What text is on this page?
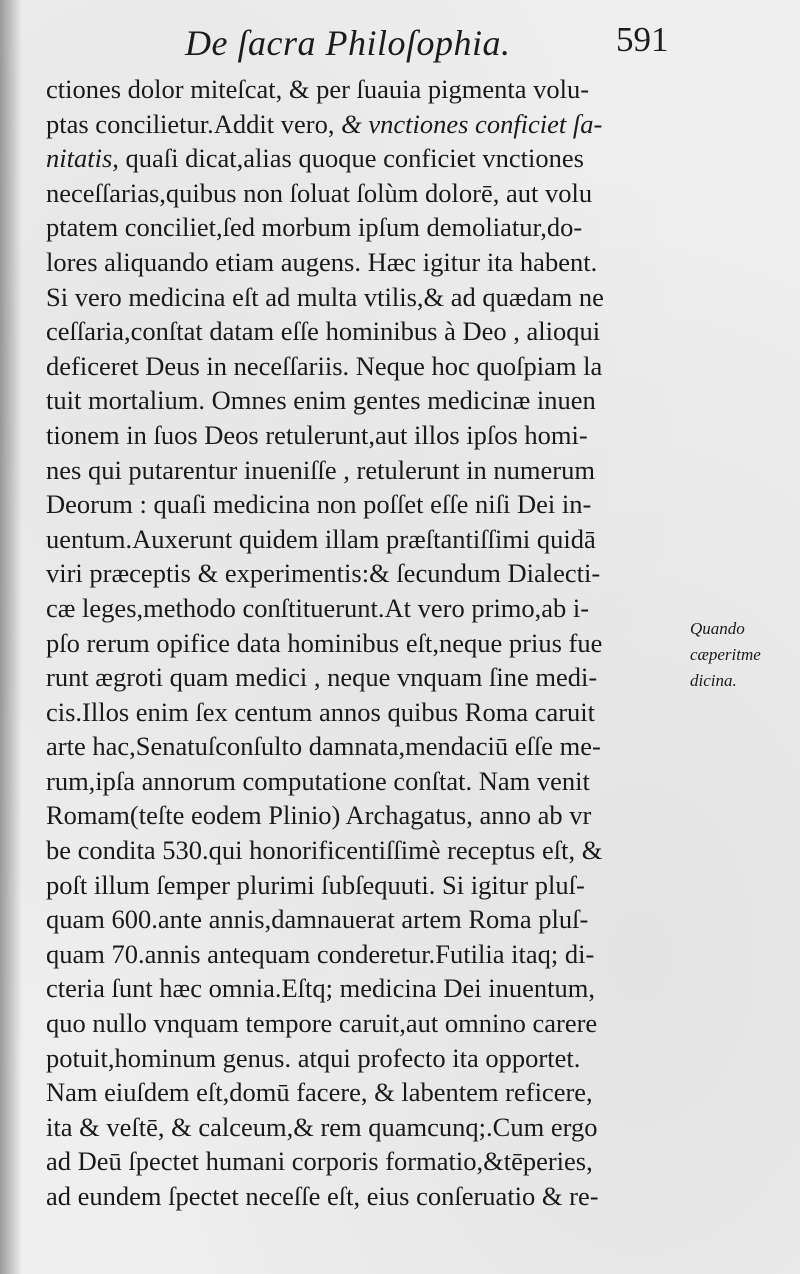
De ſacra Philoſophia.	591
ctiones dolor miteſcat, & per ſuauia pigmenta volu-
ptas concilietur.Addit vero, & vnctiones conficiet ſa-
nitatis, quaſi dicat,alias quoque conficiet vnctiones
neceſſarias,quibus non ſoluat ſolùm dolorē, aut volu
ptatem conciliet,ſed morbum ipſum demoliatur,do-
lores aliquando etiam augens. Hæc igitur ita habent.
Si vero medicina eſt ad multa vtilis,& ad quædam ne
ceſſaria,conſtat datam eſſe hominibus à Deo , alioqui
deficeret Deus in neceſſariis. Neque hoc quoſpiam la
tuit mortalium. Omnes enim gentes medicinæ inuen
tionem in ſuos Deos retulerunt,aut illos ipſos homi-
nes qui putarentur inueniſſe , retulerunt in numerum
Deorum : quaſi medicina non poſſet eſſe niſi Dei in-
uentum.Auxerunt quidem illam præſtantiſſimi quidā
viri præceptis & experimentis:& ſecundum Dialecti-
cæ leges,methodo conſtituerunt.At vero primo,ab i-
pſo rerum opifice data hominibus eſt,neque prius fue
runt ægroti quam medici , neque vnquam ſine medi-
cis.Illos enim ſex centum annos quibus Roma caruit
arte hac,Senatuſconſulto damnata,mendaciū eſſe me-
rum,ipſa annorum computatione conſtat. Nam venit
Romam(teſte eodem Plinio) Archagatus, anno ab vr
be condita 530.qui honorificentiſſimè receptus eſt, &
poſt illum ſemper plurimi ſubſequuti. Si igitur pluſ-
quam 600.ante annis,damnauerat artem Roma pluſ-
quam 70.annis antequam conderetur.Futilia itaq; di-
cteria ſunt hæc omnia.Eſtq; medicina Dei inuentum,
quo nullo vnquam tempore caruit,aut omnino carere
potuit,hominum genus. atqui profecto ita opportet.
Nam eiuſdem eſt,domū facere, & labentem reficere,
ita & veſtē, & calceum,& rem quamcunq;.Cum ergo
ad Deū ſpectet humani corporis formatio,&tēperies,
ad eundem ſpectet neceſſe eſt, eius conſeruatio & re-
Quando
cæperitme
dicina.
